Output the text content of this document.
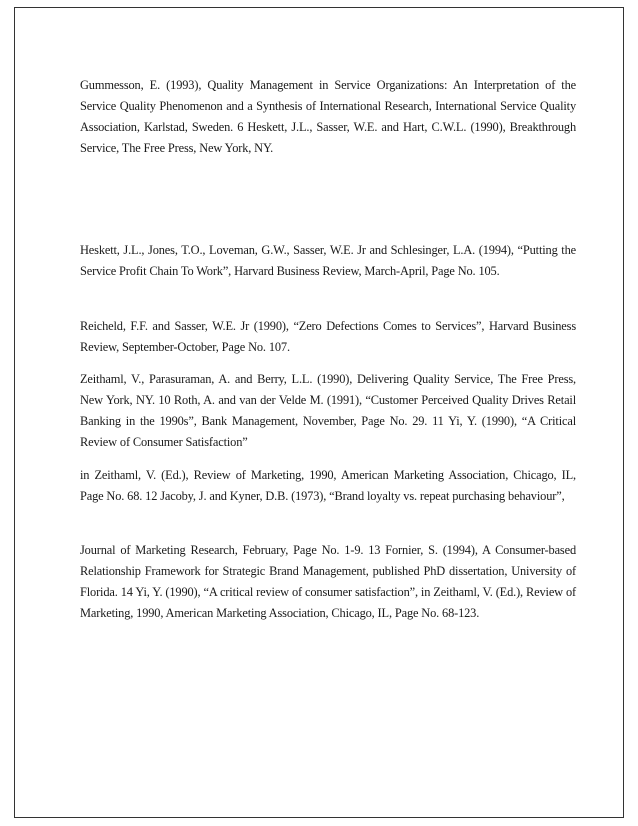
Gummesson, E. (1993), Quality Management in Service Organizations: An Interpretation of the Service Quality Phenomenon and a Synthesis of International Research, International Service Quality Association, Karlstad, Sweden. 6 Heskett, J.L., Sasser, W.E. and Hart, C.W.L. (1990), Breakthrough Service, The Free Press, New York, NY.

Heskett, J.L., Jones, T.O., Loveman, G.W., Sasser, W.E. Jr and Schlesinger, L.A. (1994), “Putting the Service Profit Chain To Work”, Harvard Business Review, March-April, Page No. 105.

Reicheld, F.F. and Sasser, W.E. Jr (1990), “Zero Defections Comes to Services”, Harvard Business Review, September-October, Page No. 107.

Zeithaml, V., Parasuraman, A. and Berry, L.L. (1990), Delivering Quality Service, The Free Press, New York, NY. 10 Roth, A. and van der Velde M. (1991), “Customer Perceived Quality Drives Retail Banking in the 1990s”, Bank Management, November, Page No. 29. 11 Yi, Y. (1990), “A Critical Review of Consumer Satisfaction”

in Zeithaml, V. (Ed.), Review of Marketing, 1990, American Marketing Association, Chicago, IL, Page No. 68. 12 Jacoby, J. and Kyner, D.B. (1973), “Brand loyalty vs. repeat purchasing behaviour”,

Journal of Marketing Research, February, Page No. 1-9. 13 Fornier, S. (1994), A Consumer-based Relationship Framework for Strategic Brand Management, published PhD dissertation, University of Florida. 14 Yi, Y. (1990), “A critical review of consumer satisfaction”, in Zeithaml, V. (Ed.), Review of Marketing, 1990, American Marketing Association, Chicago, IL, Page No. 68-123.
